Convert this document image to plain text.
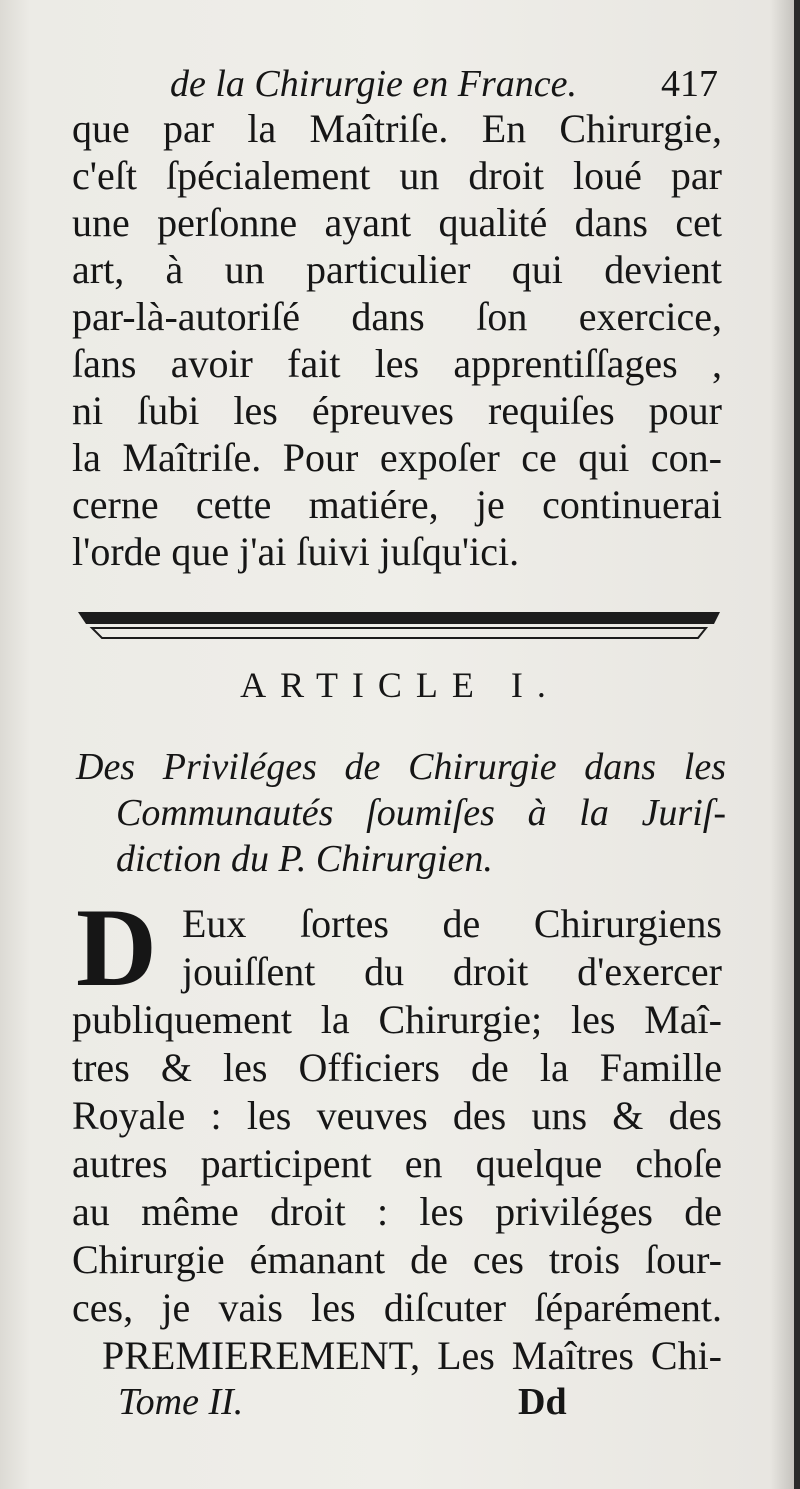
de la Chirurgie en France. 417
que par la Maîtriſe. En Chirurgie,
c'eſt ſpécialement un droit loué par
une perſonne ayant qualité dans cet
art, à un particulier qui devient
par-là-autoriſé dans ſon exercice,
ſans avoir fait les apprentiſſages ,
ni ſubi les épreuves requiſes pour
la Maîtriſe. Pour expoſer ce qui con-
cerne cette matiére, je continuerai
l'orde que j'ai ſuivi juſqu'ici.
ARTICLE I.
Des Priviléges de Chirurgie dans les
Communautés ſoumiſes à la Juriſ-
diction du P. Chirurgien.
D Eux ſortes de Chirurgiens
jouiſſent du droit d'exercer
publiquement la Chirurgie; les Maî-
tres & les Officiers de la Famille
Royale : les veuves des uns & des
autres participent en quelque choſe
au même droit : les priviléges de
Chirurgie émanant de ces trois ſour-
ces, je vais les diſcuter ſéparément.
PREMIEREMENT, Les Maîtres Chi-
Tome II.	Dd
